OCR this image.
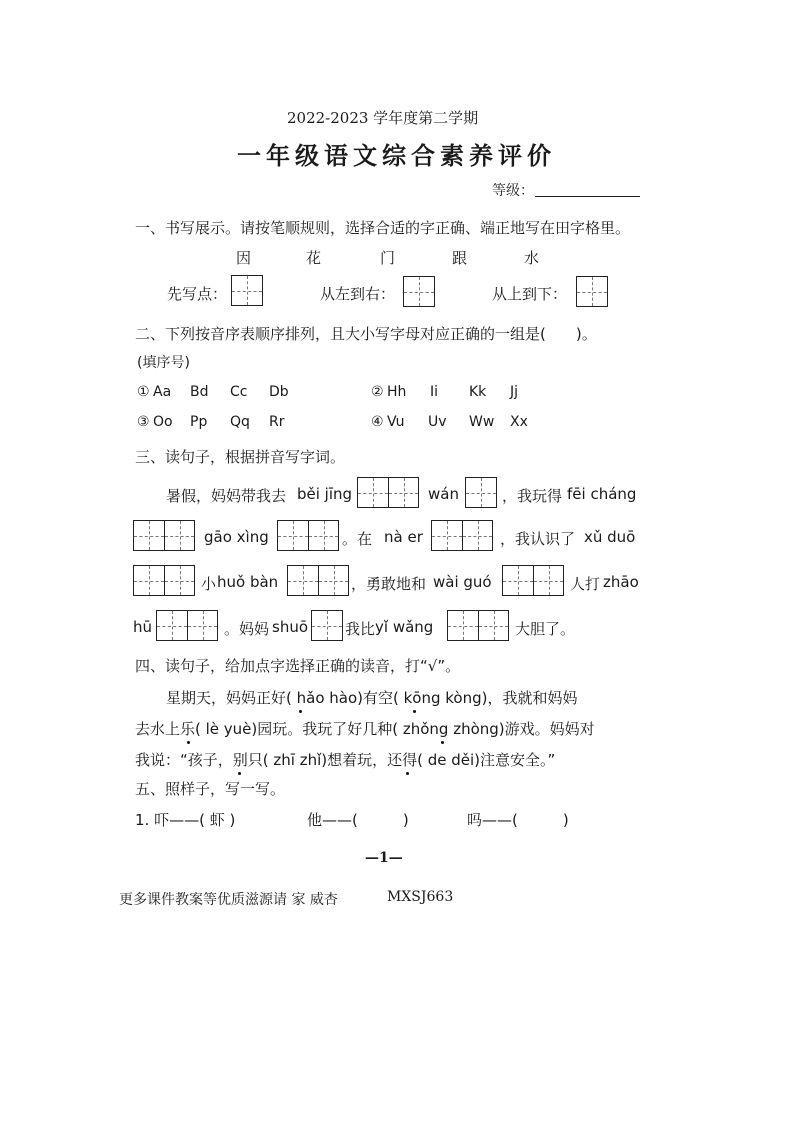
2022-2023 学年度第二学期
一年级语文综合素养评价
等级：
一、书写展示。请按笔顺规则，选择合适的字正确、端正地写在田字格里。
因	花	门	跟	水
先写点：	从左到右：	从上到下：
二、下列按音序表顺序排列，且大小写字母对应正确的一组是(　　)。
(填序号)
① Aa Bd Cc Db	② Hh Ii Kk Jj
③ Oo Pp Qq Rr	④ Vu Uv Ww Xx
三、读句子，根据拼音写字词。
暑假，妈妈带我去 běi jīng	wán	，我玩得 fēi cháng
gāo xìng	。在 nà er	，我认识了 xǔ duō
小 huǒ bàn	，勇敢地和 wài guó	人打 zhāo
hū	。妈妈 shuō 我比 yǐ wǎng	大胆了。
四、读句子，给加点字选择正确的读音，打“√”。
星期天，妈妈正好( hǎo hào)有空( kōng kòng)，我就和妈妈
去水上乐( lè yuè)园玩。我玩了好几种( zhǒng zhòng)游戏。妈妈对
我说：“孩子，别只( zhī zhǐ)想着玩，还得( de děi)注意安全。”
五、照样子，写一写。
1. 吓——( 虾 )	他——(　　　)	吗——(　　　)
—1—
更多课件教案等优质滋源请 家 威杏	MXSJ663
